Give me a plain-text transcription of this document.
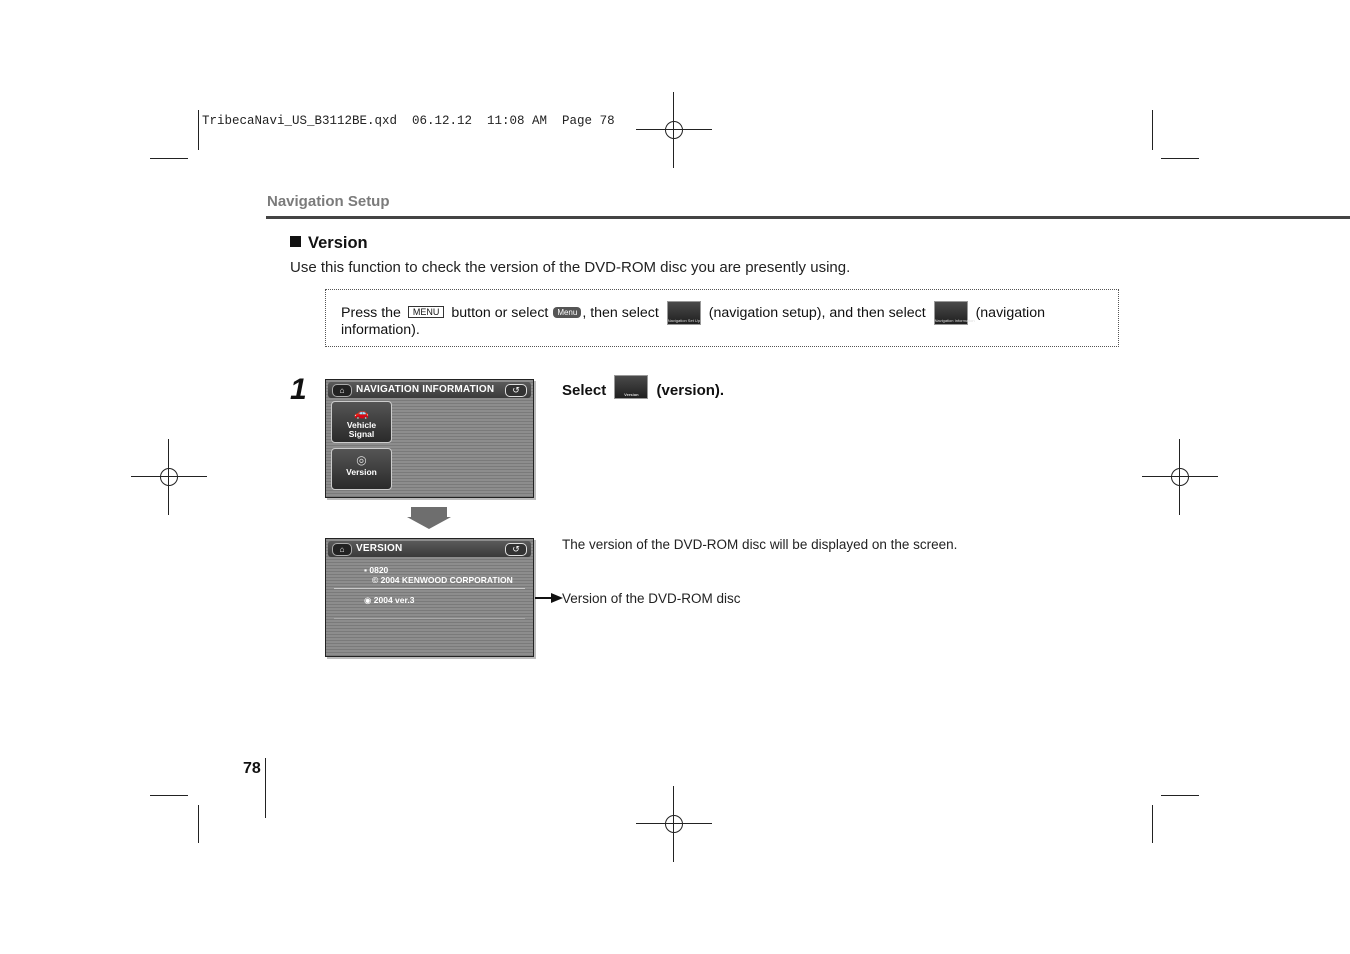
TribecaNavi_US_B3112BE.qxd  06.12.12  11:08 AM  Page 78
Navigation Setup
Version
Use this function to check the version of the DVD-ROM disc you are presently using.
Press the MENU button or select Menu , then select Navigation Set Up (navigation setup), and then select Navigation Information (navigation
information).
1	⌂	NAVIGATION INFORMATION	↺
🚗
Vehicle
Signal
◎
Version
⌂	VERSION	↺
▪ 0820
© 2004 KENWOOD CORPORATION
◉ 2004 ver.3
Select	Version	(version).
The version of the DVD-ROM disc will be displayed on the screen.
Version of the DVD-ROM disc
78
